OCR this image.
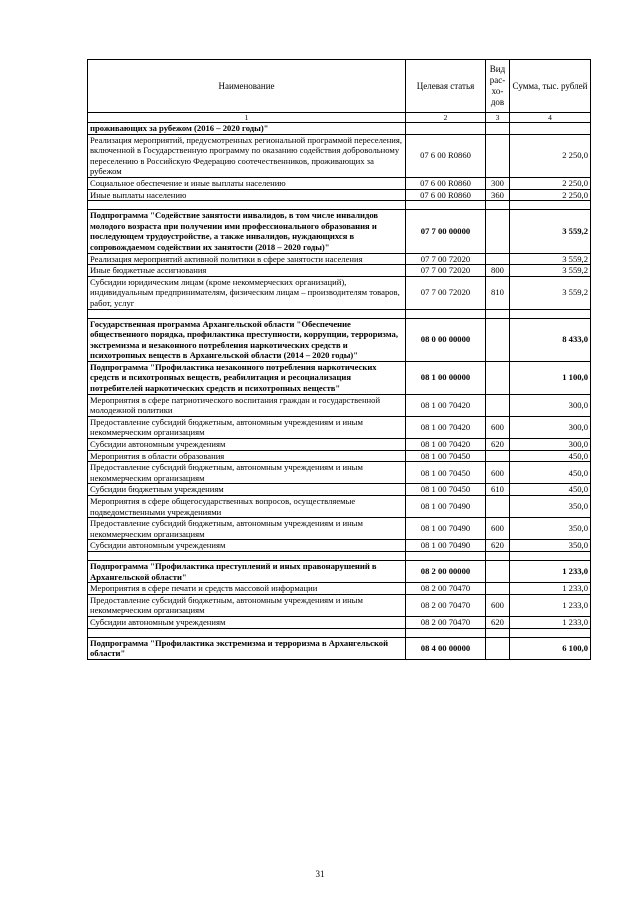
Наименование	Целевая статья	Вид рас-хо-дов	Сумма, тыс. рублей
1	2	3	4
проживающих за рубежом (2016 – 2020 годы)"			
Реализация мероприятий, предусмотренных региональной программой переселения, включенной в Государственную программу по оказанию содействия добровольному переселению в Российскую Федерацию соотечественников, проживающих за рубежом	07 6 00 R0860		2 250,0
Социальное обеспечение и иные выплаты населению	07 6 00 R0860	300	2 250,0
Иные выплаты населению	07 6 00 R0860	360	2 250,0

Подпрограмма "Содействие занятости инвалидов, в том числе инвалидов молодого возраста при получении ими профессионального образования и последующем трудоустройстве, а также инвалидов, нуждающихся в сопровождаемом содействии их занятости (2018 – 2020 годы)"	07 7 00 00000		3 559,2
Реализация мероприятий активной политики в сфере занятости населения	07 7 00 72020		3 559,2
Иные бюджетные ассигнования	07 7 00 72020	800	3 559,2
Субсидии юридическим лицам (кроме некоммерческих организаций), индивидуальным предпринимателям, физическим лицам – производителям товаров, работ, услуг	07 7 00 72020	810	3 559,2

Государственная программа Архангельской области "Обеспечение общественного порядка, профилактика преступности, коррупции, терроризма, экстремизма и незаконного потребления наркотических средств и психотропных веществ в Архангельской области (2014 – 2020 годы)"	08 0 00 00000		8 433,0
Подпрограмма "Профилактика незаконного потребления наркотических средств и психотропных веществ, реабилитация и ресоциализация потребителей наркотических средств и психотропных веществ"	08 1 00 00000		1 100,0
Мероприятия в сфере патриотического воспитания граждан и государственной молодежной политики	08 1 00 70420		300,0
Предоставление субсидий бюджетным, автономным учреждениям и иным некоммерческим организациям	08 1 00 70420	600	300,0
Субсидии автономным учреждениям	08 1 00 70420	620	300,0
Мероприятия в области образования	08 1 00 70450		450,0
Предоставление субсидий бюджетным, автономным учреждениям и иным некоммерческим организациям	08 1 00 70450	600	450,0
Субсидии бюджетным учреждениям	08 1 00 70450	610	450,0
Мероприятия в сфере общегосударственных вопросов, осуществляемые подведомственными учреждениями	08 1 00 70490		350,0
Предоставление субсидий бюджетным, автономным учреждениям и иным некоммерческим организациям	08 1 00 70490	600	350,0
Субсидии автономным учреждениям	08 1 00 70490	620	350,0

Подпрограмма "Профилактика преступлений и иных правонарушений в Архангельской области"	08 2 00 00000		1 233,0
Мероприятия в сфере печати и средств массовой информации	08 2 00 70470		1 233,0
Предоставление субсидий бюджетным, автономным учреждениям и иным некоммерческим организациям	08 2 00 70470	600	1 233,0
Субсидии автономным учреждениям	08 2 00 70470	620	1 233,0

Подпрограмма "Профилактика экстремизма и терроризма в Архангельской области"	08 4 00 00000		6 100,0
31
